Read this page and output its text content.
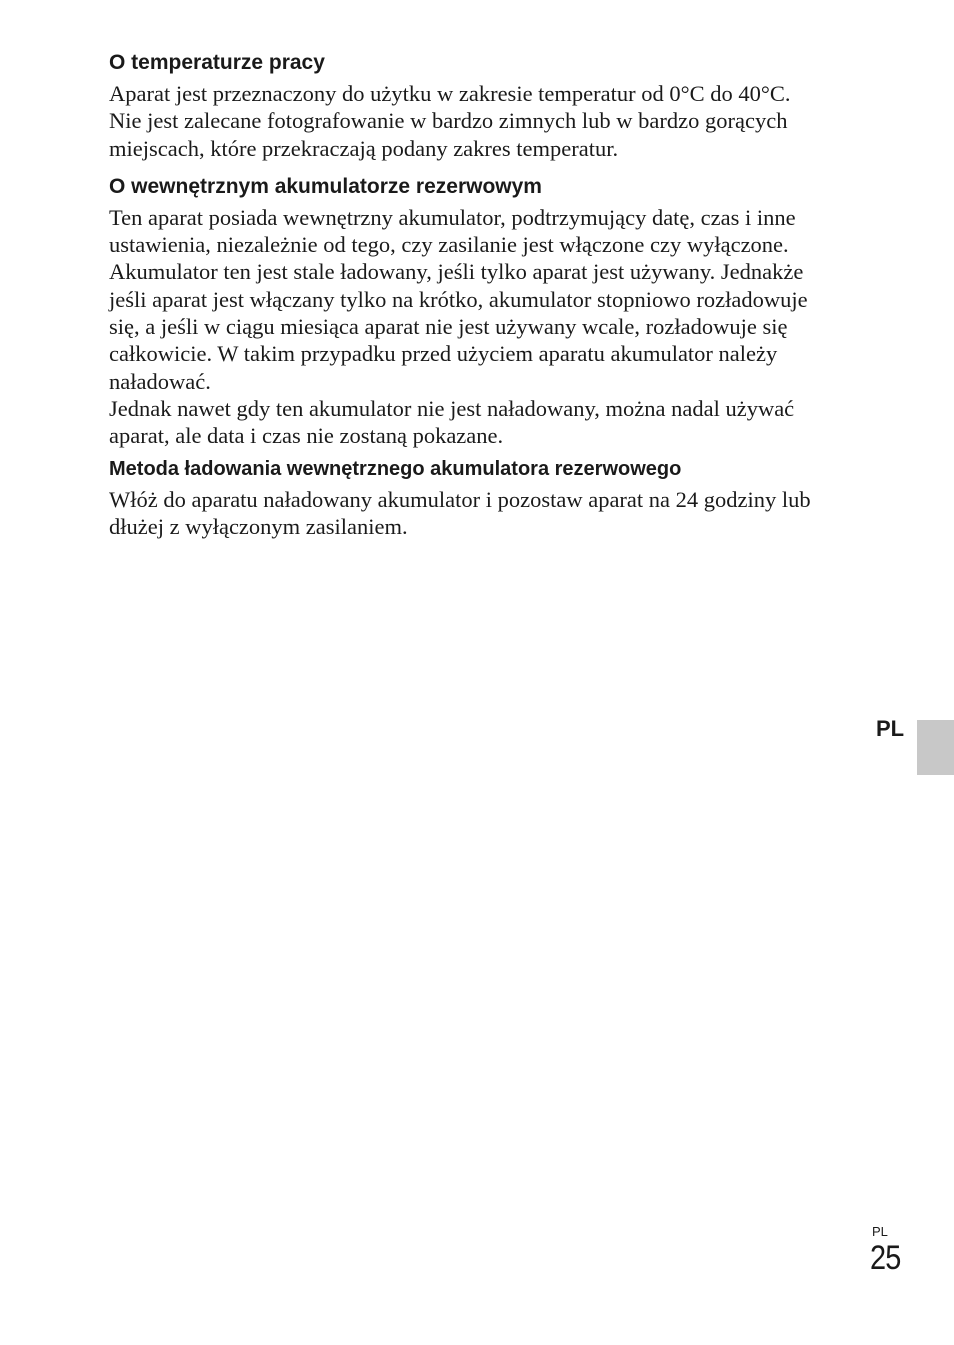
O temperaturze pracy

Aparat jest przeznaczony do użytku w zakresie temperatur od 0°C do 40°C.
Nie jest zalecane fotografowanie w bardzo zimnych lub w bardzo gorących
miejscach, które przekraczają podany zakres temperatur.

O wewnętrznym akumulatorze rezerwowym

Ten aparat posiada wewnętrzny akumulator, podtrzymujący datę, czas i inne
ustawienia, niezależnie od tego, czy zasilanie jest włączone czy wyłączone.
Akumulator ten jest stale ładowany, jeśli tylko aparat jest używany. Jednakże
jeśli aparat jest włączany tylko na krótko, akumulator stopniowo rozładowuje
się, a jeśli w ciągu miesiąca aparat nie jest używany wcale, rozładowuje się
całkowicie. W takim przypadku przed użyciem aparatu akumulator należy
naładować.
Jednak nawet gdy ten akumulator nie jest naładowany, można nadal używać
aparat, ale data i czas nie zostaną pokazane.

Metoda ładowania wewnętrznego akumulatora rezerwowego

Włóż do aparatu naładowany akumulator i pozostaw aparat na 24 godziny lub
dłużej z wyłączonym zasilaniem.

PL
PL
25
